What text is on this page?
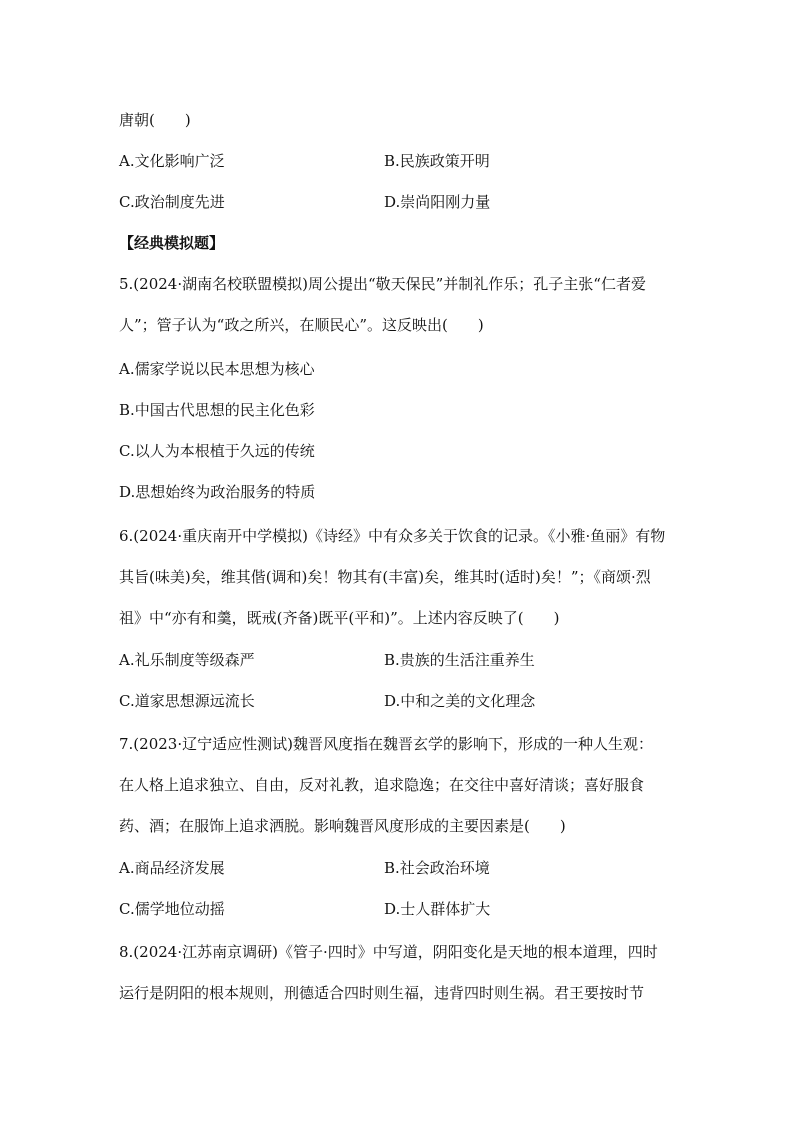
唐朝(　　)
A.文化影响广泛	B.民族政策开明
C.政治制度先进	D.崇尚阳刚力量
【经典模拟题】
5.(2024·湖南名校联盟模拟)周公提出“敬天保民”并制礼作乐；孔子主张“仁者爱
人”；管子认为“政之所兴，在顺民心”。这反映出(　　)
A.儒家学说以民本思想为核心
B.中国古代思想的民主化色彩
C.以人为本根植于久远的传统
D.思想始终为政治服务的特质
6.(2024·重庆南开中学模拟)《诗经》中有众多关于饮食的记录。《小雅·鱼丽》有物
其旨(味美)矣，维其偕(调和)矣！物其有(丰富)矣，维其时(适时)矣！”；《商颂·烈
祖》中“亦有和羹，既戒(齐备)既平(平和)”。上述内容反映了(　　)
A.礼乐制度等级森严	B.贵族的生活注重养生
C.道家思想源远流长	D.中和之美的文化理念
7.(2023·辽宁适应性测试)魏晋风度指在魏晋玄学的影响下，形成的一种人生观：
在人格上追求独立、自由，反对礼教，追求隐逸；在交往中喜好清谈；喜好服食
药、酒；在服饰上追求洒脱。影响魏晋风度形成的主要因素是(　　)
A.商品经济发展	B.社会政治环境
C.儒学地位动摇	D.士人群体扩大
8.(2024·江苏南京调研)《管子·四时》中写道，阴阳变化是天地的根本道理，四时
运行是阴阳的根本规则，刑德适合四时则生福，违背四时则生祸。君王要按时节
